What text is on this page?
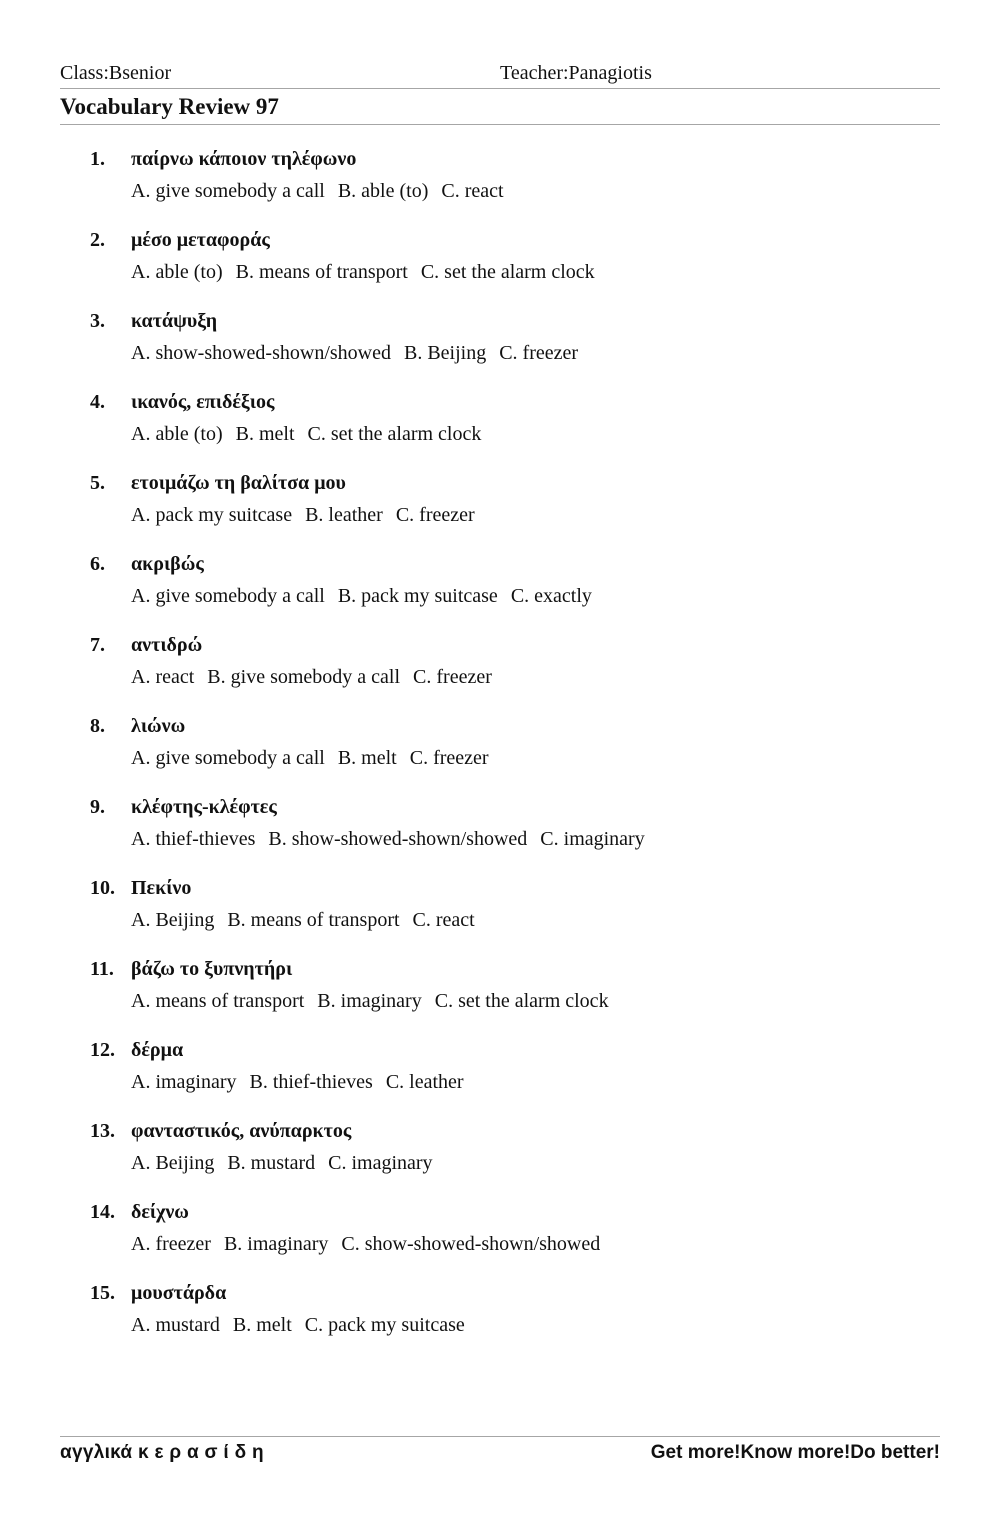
Class:Bsenior	Teacher:Panagiotis
Vocabulary Review 97
1. παίρνω κάποιον τηλέφωνο
A. give somebody a call B. able (to) C. react
2. μέσο μεταφοράς
A. able (to) B. means of transport C. set the alarm clock
3. κατάψυξη
A. show-showed-shown/showed B. Beijing C. freezer
4. ικανός, επιδέξιος
A. able (to) B. melt C. set the alarm clock
5. ετοιμάζω τη βαλίτσα μου
A. pack my suitcase B. leather C. freezer
6. ακριβώς
A. give somebody a call B. pack my suitcase C. exactly
7. αντιδρώ
A. react B. give somebody a call C. freezer
8. λιώνω
A. give somebody a call B. melt C. freezer
9. κλέφτης-κλέφτες
A. thief-thieves B. show-showed-shown/showed C. imaginary
10. Πεκίνο
A. Beijing B. means of transport C. react
11. βάζω το ξυπνητήρι
A. means of transport B. imaginary C. set the alarm clock
12. δέρμα
A. imaginary B. thief-thieves C. leather
13. φανταστικός, ανύπαρκτος
A. Beijing B. mustard C. imaginary
14. δείχνω
A. freezer B. imaginary C. show-showed-shown/showed
15. μουστάρδα
A. mustard B. melt C. pack my suitcase
αγγλικά κ ε ρ α σ ί δ η	Get more!Know more!Do better!
